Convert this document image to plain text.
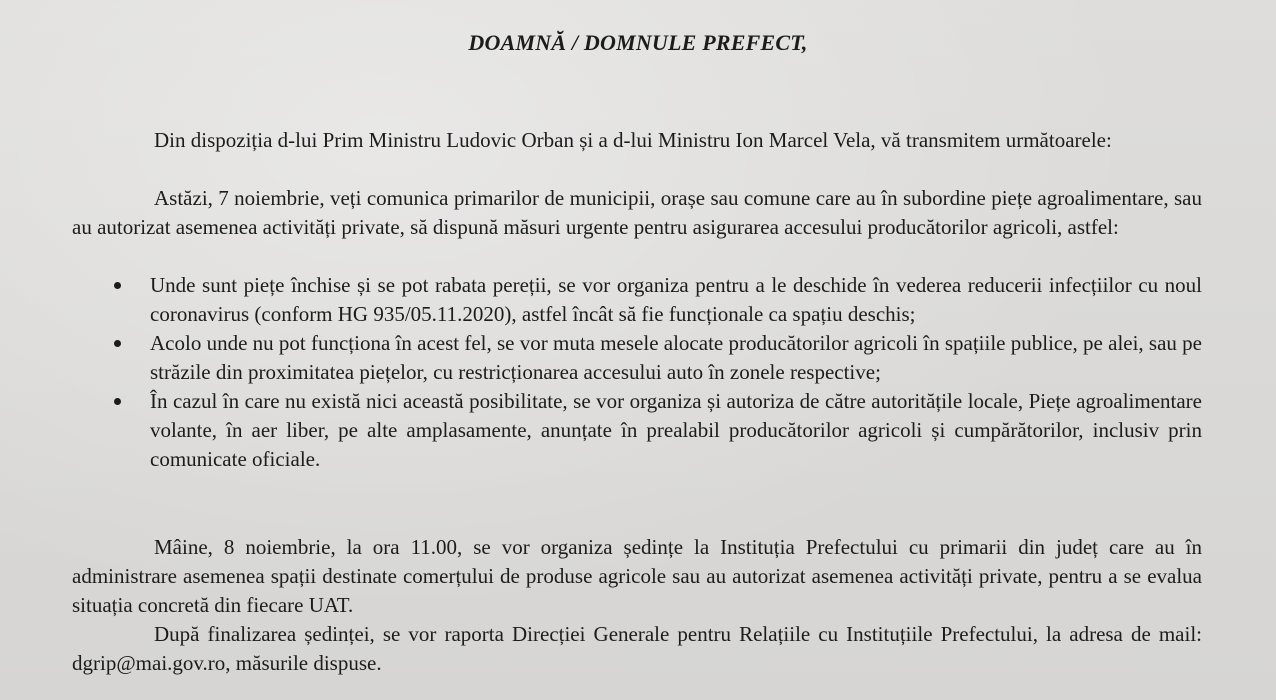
DOAMNĂ / DOMNULE PREFECT,
Din dispoziția d-lui Prim Ministru Ludovic Orban și a d-lui Ministru Ion Marcel Vela, vă transmitem următoarele:
Astăzi, 7 noiembrie, veți comunica primarilor de municipii, orașe sau comune care au în subordine piețe agroalimentare, sau au autorizat asemenea activități private, să dispună măsuri urgente pentru asigurarea accesului producătorilor agricoli, astfel:
Unde sunt piețe închise și se pot rabata pereții, se vor organiza pentru a le deschide în vederea reducerii infecțiilor cu noul coronavirus (conform HG 935/05.11.2020), astfel încât să fie funcționale ca spațiu deschis;
Acolo unde nu pot funcționa în acest fel, se vor muta mesele alocate producătorilor agricoli în spațiile publice, pe alei, sau pe străzile din proximitatea piețelor, cu restricționarea accesului auto în zonele respective;
În cazul în care nu există nici această posibilitate, se vor organiza și autoriza de către autoritățile locale, Piețe agroalimentare volante, în aer liber, pe alte amplasamente, anunțate în prealabil producătorilor agricoli și cumpărătorilor, inclusiv prin comunicate oficiale.
Mâine, 8 noiembrie, la ora 11.00, se vor organiza ședințe la Instituția Prefectului cu primarii din județ care au în administrare asemenea spații destinate comerțului de produse agricole sau au autorizat asemenea activități private, pentru a se evalua situația concretă din fiecare UAT.
După finalizarea ședinței, se vor raporta Direcției Generale pentru Relațiile cu Instituțiile Prefectului, la adresa de mail: dgrip@mai.gov.ro, măsurile dispuse.
